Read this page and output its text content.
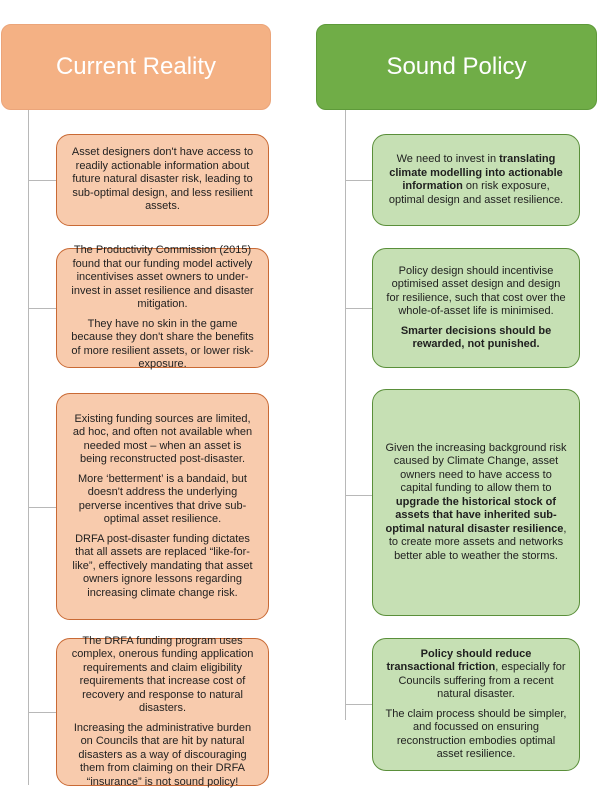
Current Reality	Sound Policy

Asset designers don't have access to readily actionable information about future natural disaster risk, leading to sub-optimal design, and less resilient assets.

The Productivity Commission (2015) found that our funding model actively incentivises asset owners to under-invest in asset resilience and disaster mitigation.

They have no skin in the game because they don't share the benefits of more resilient assets, or lower risk-exposure.

Existing funding sources are limited, ad hoc, and often not available when needed most – when an asset is being reconstructed post-disaster.

More ‘betterment’ is a bandaid, but doesn't address the underlying perverse incentives that drive sub-optimal asset resilience.

DRFA post-disaster funding dictates that all assets are replaced “like-for-like”, effectively mandating that asset owners ignore lessons regarding increasing climate change risk.

The DRFA funding program uses complex, onerous funding application requirements and claim eligibility requirements that increase cost of recovery and response to natural disasters.

Increasing the administrative burden on Councils that are hit by natural disasters as a way of discouraging them from claiming on their DRFA “insurance” is not sound policy!

We need to invest in translating climate modelling into actionable information on risk exposure, optimal design and asset resilience.

Policy design should incentivise optimised asset design and design for resilience, such that cost over the whole-of-asset life is minimised.

Smarter decisions should be rewarded, not punished.

Given the increasing background risk caused by Climate Change, asset owners need to have access to capital funding to allow them to upgrade the historical stock of assets that have inherited sub-optimal natural disaster resilience, to create more assets and networks better able to weather the storms.

Policy should reduce transactional friction, especially for Councils suffering from a recent natural disaster.

The claim process should be simpler, and focussed on ensuring reconstruction embodies optimal asset resilience.
